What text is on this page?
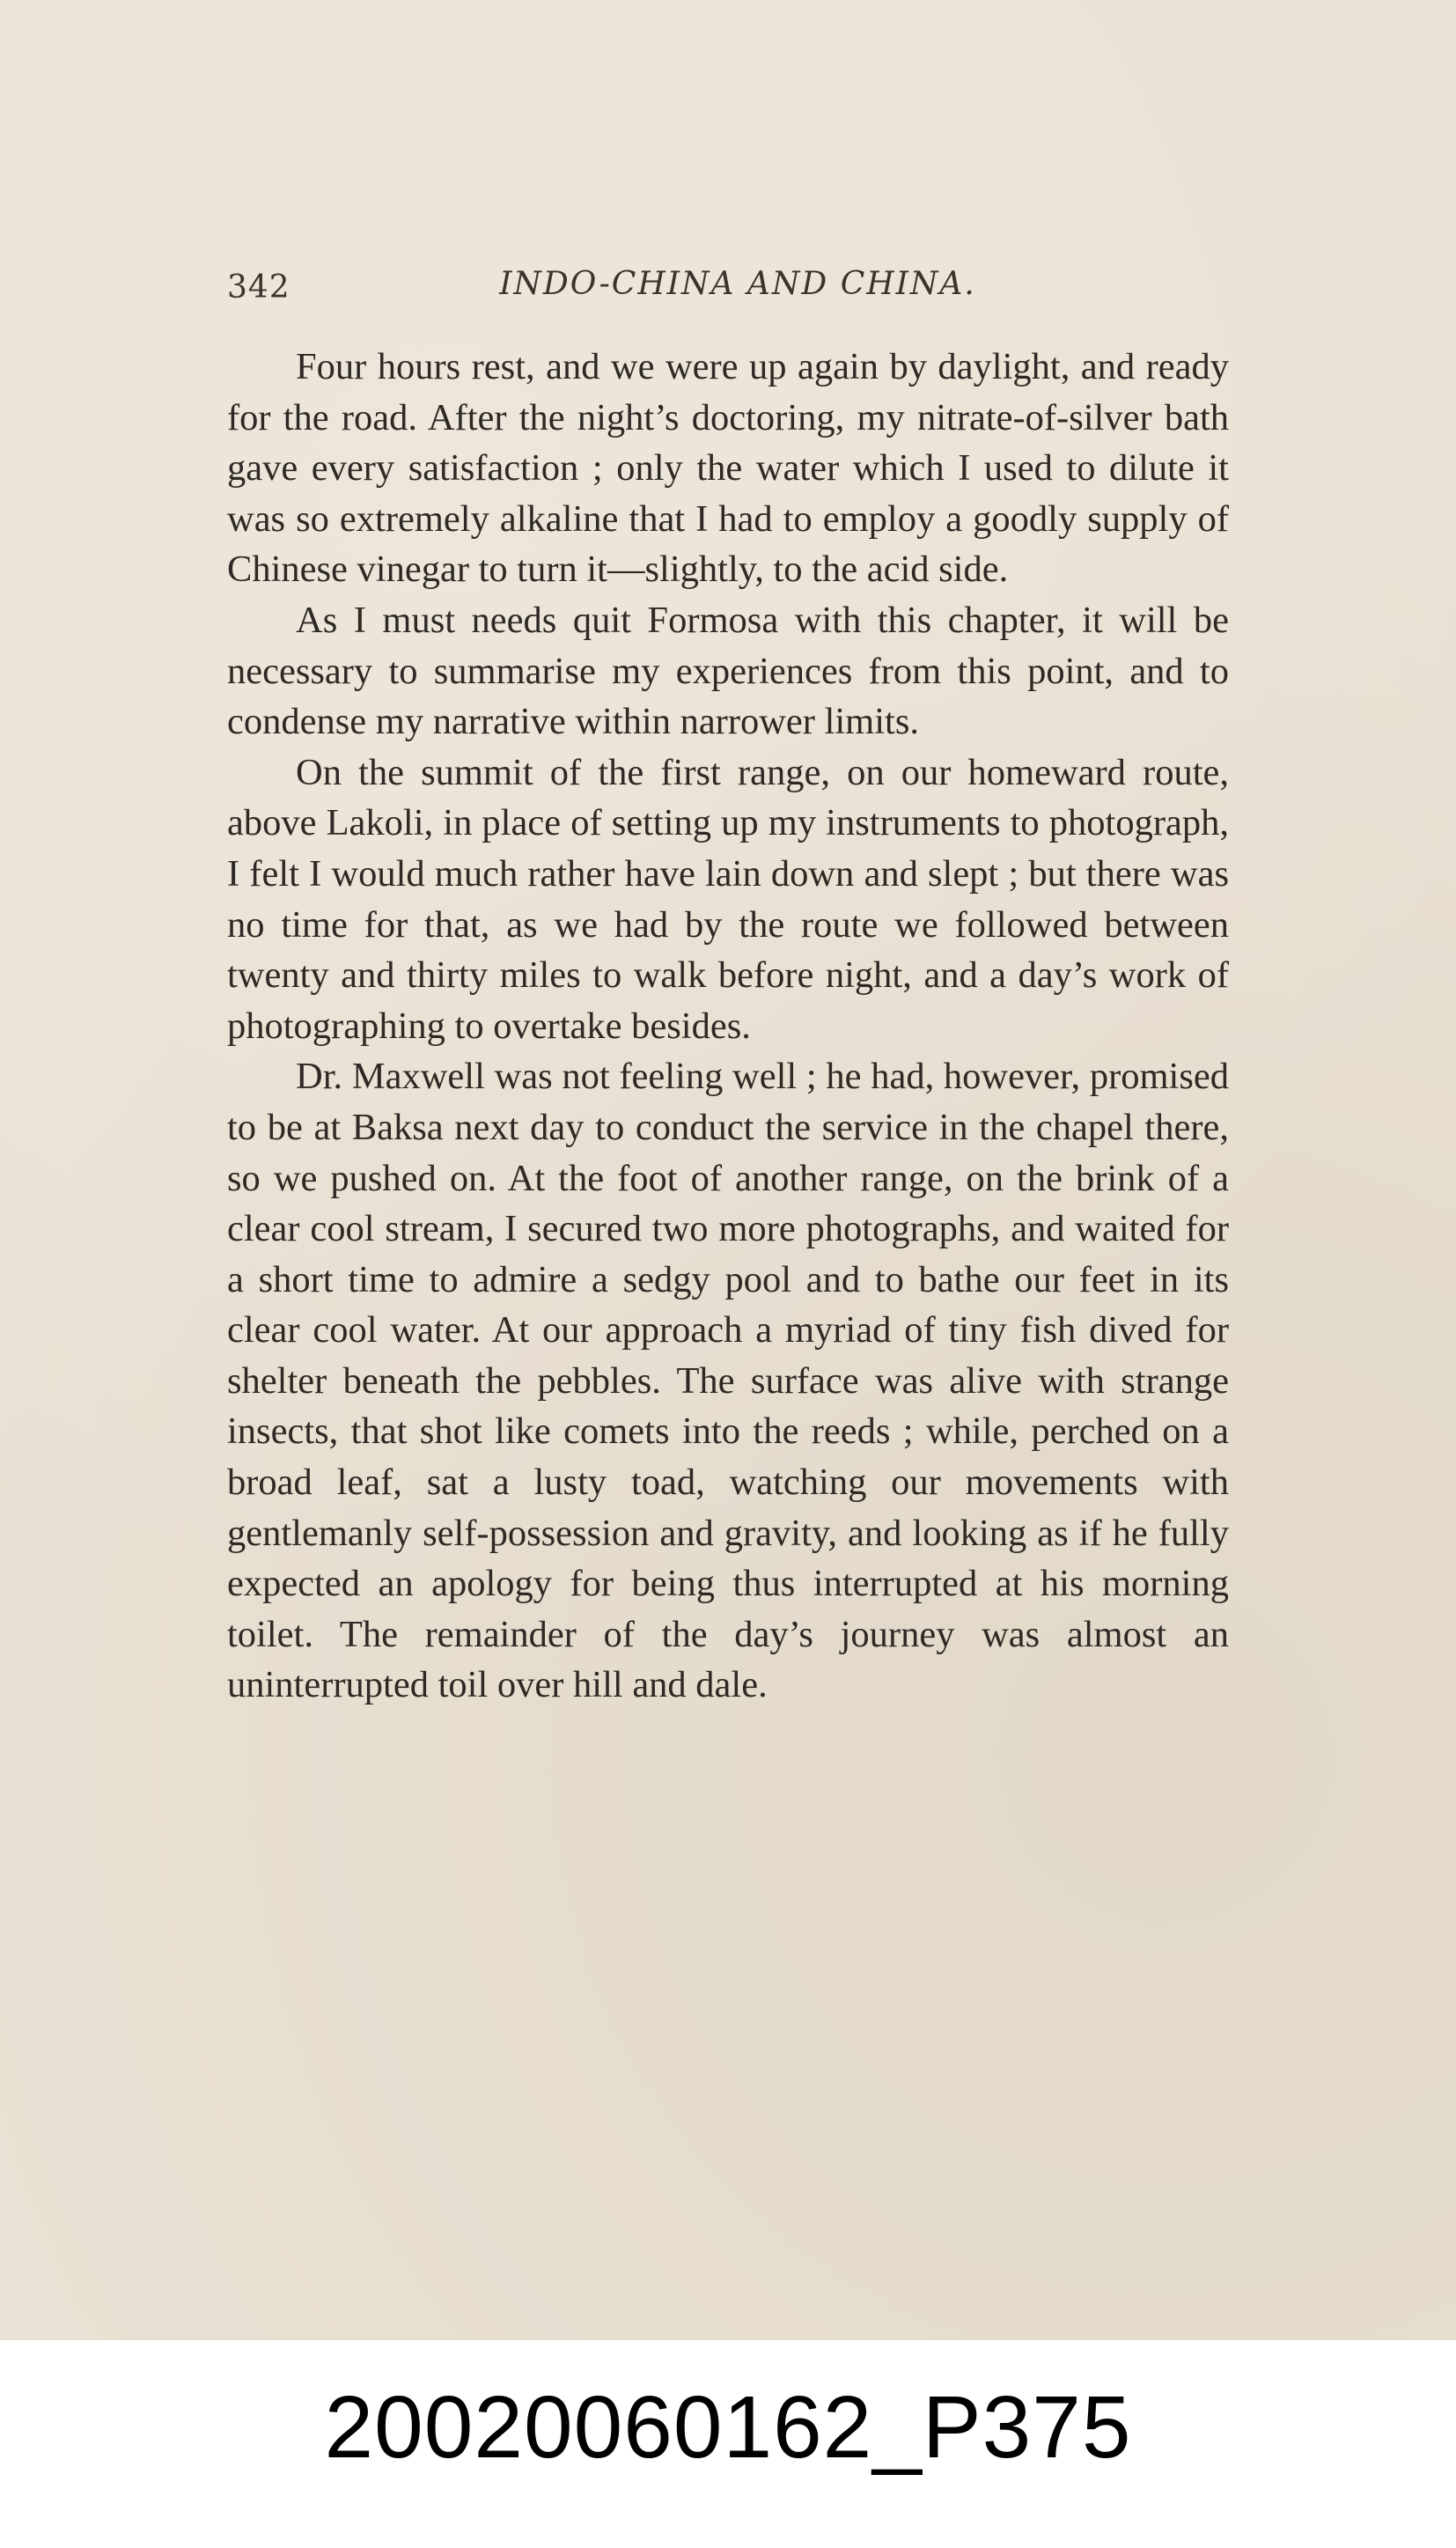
342	INDO-CHINA AND CHINA.

Four hours rest, and we were up again by daylight, and ready for the road. After the night’s doctoring, my nitrate-of-silver bath gave every satisfaction ; only the water which I used to dilute it was so extremely alkaline that I had to employ a goodly supply of Chinese vinegar to turn it—slightly, to the acid side.

As I must needs quit Formosa with this chapter, it will be necessary to summarise my experiences from this point, and to condense my narrative within narrower limits.

On the summit of the first range, on our homeward route, above Lakoli, in place of setting up my instruments to photograph, I felt I would much rather have lain down and slept ; but there was no time for that, as we had by the route we followed between twenty and thirty miles to walk before night, and a day’s work of photographing to overtake besides.

Dr. Maxwell was not feeling well ; he had, however, promised to be at Baksa next day to conduct the service in the chapel there, so we pushed on. At the foot of another range, on the brink of a clear cool stream, I secured two more photographs, and waited for a short time to admire a sedgy pool and to bathe our feet in its clear cool water. At our approach a myriad of tiny fish dived for shelter beneath the pebbles. The surface was alive with strange insects, that shot like comets into the reeds ; while, perched on a broad leaf, sat a lusty toad, watching our movements with gentlemanly self-possession and gravity, and looking as if he fully expected an apology for being thus interrupted at his morning toilet. The remainder of the day’s journey was almost an uninterrupted toil over hill and dale.

20020060162_P375
